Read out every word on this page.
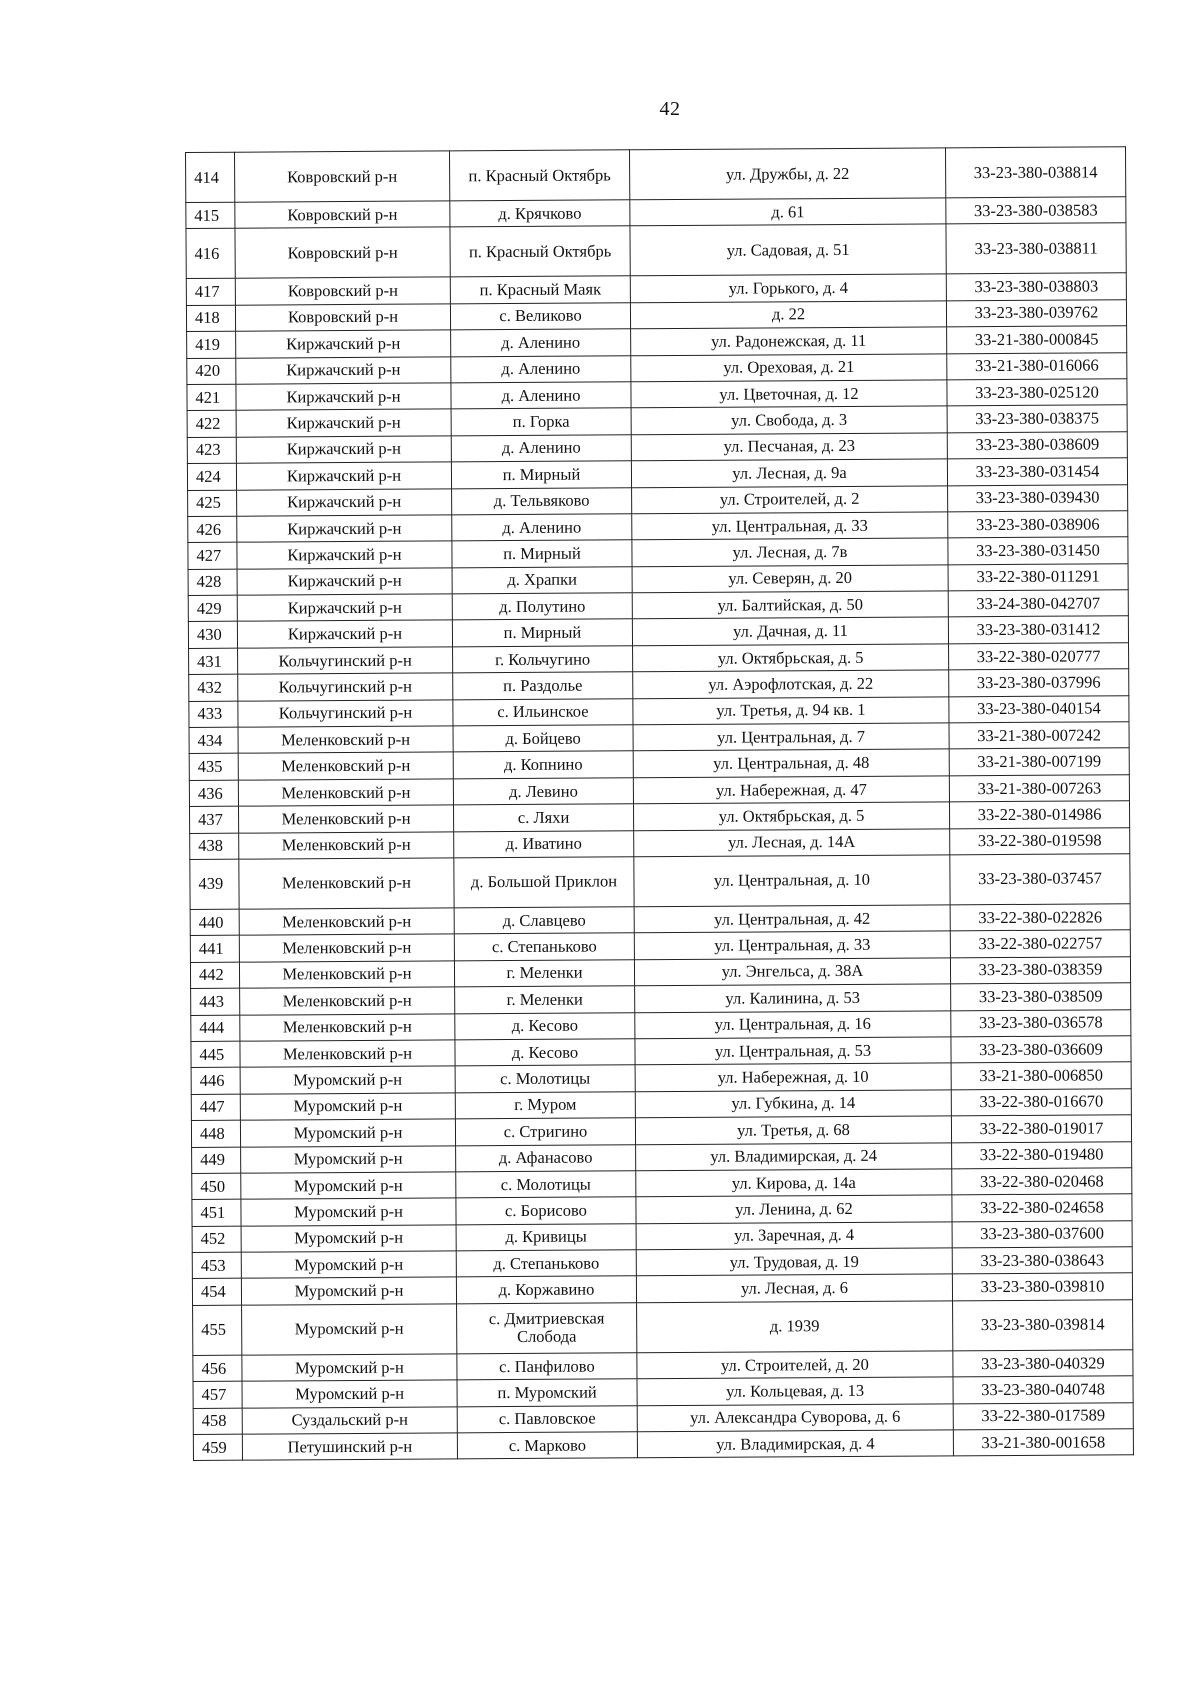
42
414	Ковровский р-н	п. Красный Октябрь	ул. Дружбы, д. 22	33-23-380-038814
415	Ковровский р-н	д. Крячково	д. 61	33-23-380-038583
416	Ковровский р-н	п. Красный Октябрь	ул. Садовая, д. 51	33-23-380-038811
417	Ковровский р-н	п. Красный Маяк	ул. Горького, д. 4	33-23-380-038803
418	Ковровский р-н	с. Великово	д. 22	33-23-380-039762
419	Киржачский р-н	д. Аленино	ул. Радонежская, д. 11	33-21-380-000845
420	Киржачский р-н	д. Аленино	ул. Ореховая, д. 21	33-21-380-016066
421	Киржачский р-н	д. Аленино	ул. Цветочная, д. 12	33-23-380-025120
422	Киржачский р-н	п. Горка	ул. Свобода, д. 3	33-23-380-038375
423	Киржачский р-н	д. Аленино	ул. Песчаная, д. 23	33-23-380-038609
424	Киржачский р-н	п. Мирный	ул. Лесная, д. 9а	33-23-380-031454
425	Киржачский р-н	д. Тельвяково	ул. Строителей, д. 2	33-23-380-039430
426	Киржачский р-н	д. Аленино	ул. Центральная, д. 33	33-23-380-038906
427	Киржачский р-н	п. Мирный	ул. Лесная, д. 7в	33-23-380-031450
428	Киржачский р-н	д. Храпки	ул. Северян, д. 20	33-22-380-011291
429	Киржачский р-н	д. Полутино	ул. Балтийская, д. 50	33-24-380-042707
430	Киржачский р-н	п. Мирный	ул. Дачная, д. 11	33-23-380-031412
431	Кольчугинский р-н	г. Кольчугино	ул. Октябрьская, д. 5	33-22-380-020777
432	Кольчугинский р-н	п. Раздолье	ул. Аэрофлотская, д. 22	33-23-380-037996
433	Кольчугинский р-н	с. Ильинское	ул. Третья, д. 94 кв. 1	33-23-380-040154
434	Меленковский р-н	д. Бойцево	ул. Центральная, д. 7	33-21-380-007242
435	Меленковский р-н	д. Копнино	ул. Центральная, д. 48	33-21-380-007199
436	Меленковский р-н	д. Левино	ул. Набережная, д. 47	33-21-380-007263
437	Меленковский р-н	с. Ляхи	ул. Октябрьская, д. 5	33-22-380-014986
438	Меленковский р-н	д. Иватино	ул. Лесная, д. 14А	33-22-380-019598
439	Меленковский р-н	д. Большой Приклон	ул. Центральная, д. 10	33-23-380-037457
440	Меленковский р-н	д. Славцево	ул. Центральная, д. 42	33-22-380-022826
441	Меленковский р-н	с. Степаньково	ул. Центральная, д. 33	33-22-380-022757
442	Меленковский р-н	г. Меленки	ул. Энгельса, д. 38А	33-23-380-038359
443	Меленковский р-н	г. Меленки	ул. Калинина, д. 53	33-23-380-038509
444	Меленковский р-н	д. Кесово	ул. Центральная, д. 16	33-23-380-036578
445	Меленковский р-н	д. Кесово	ул. Центральная, д. 53	33-23-380-036609
446	Муромский р-н	с. Молотицы	ул. Набережная, д. 10	33-21-380-006850
447	Муромский р-н	г. Муром	ул. Губкина, д. 14	33-22-380-016670
448	Муромский р-н	с. Стригино	ул. Третья, д. 68	33-22-380-019017
449	Муромский р-н	д. Афанасово	ул. Владимирская, д. 24	33-22-380-019480
450	Муромский р-н	с. Молотицы	ул. Кирова, д. 14а	33-22-380-020468
451	Муромский р-н	с. Борисово	ул. Ленина, д. 62	33-22-380-024658
452	Муромский р-н	д. Кривицы	ул. Заречная, д. 4	33-23-380-037600
453	Муромский р-н	д. Степаньково	ул. Трудовая, д. 19	33-23-380-038643
454	Муромский р-н	д. Коржавино	ул. Лесная, д. 6	33-23-380-039810
455	Муромский р-н	с. Дмитриевская Слобода	д. 1939	33-23-380-039814
456	Муромский р-н	с. Панфилово	ул. Строителей, д. 20	33-23-380-040329
457	Муромский р-н	п. Муромский	ул. Кольцевая, д. 13	33-23-380-040748
458	Суздальский р-н	с. Павловское	ул. Александра Суворова, д. 6	33-22-380-017589
459	Петушинский р-н	с. Марково	ул. Владимирская, д. 4	33-21-380-001658
